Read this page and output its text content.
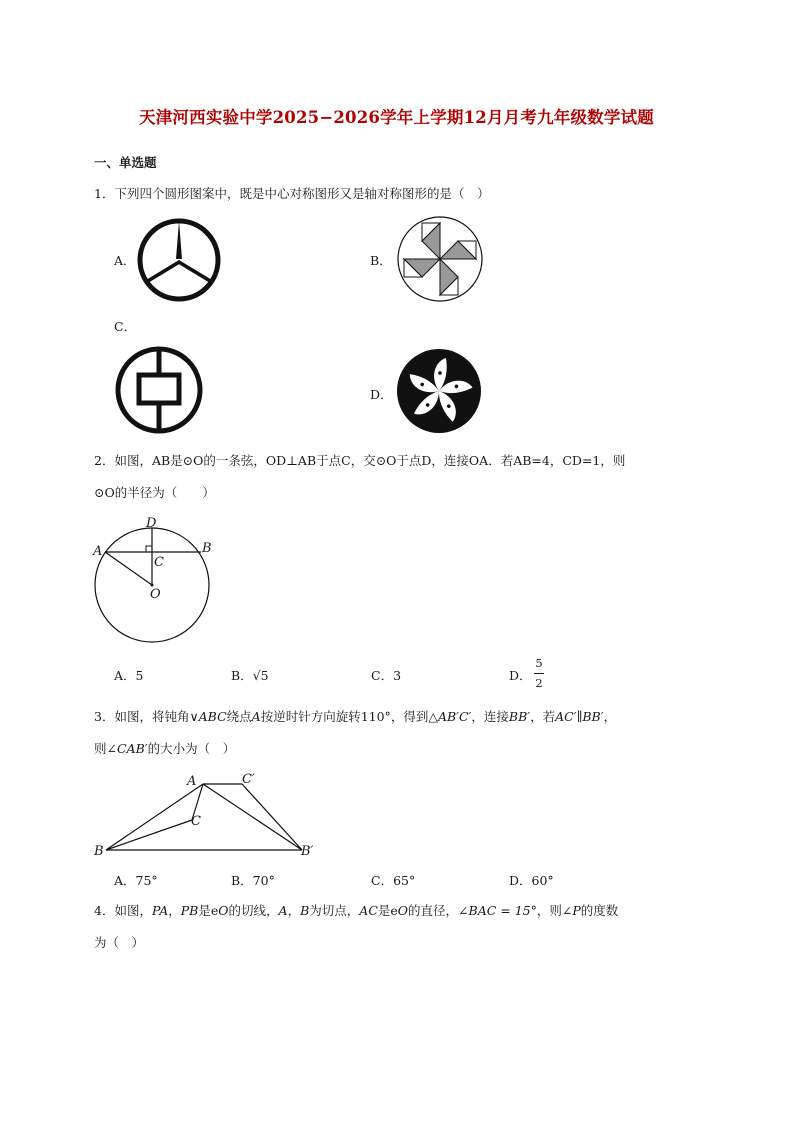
天津河西实验中学2025−2026学年上学期12月月考九年级数学试题
一、单选题
1．下列四个圆形图案中，既是中心对称图形又是轴对称图形的是（　）
A．	B．
C．
D．
2．如图，AB是⊙O的一条弦，OD⊥AB于点C，交⊙O于点D，连接OA．若AB=4，CD=1，则
⊙O的半径为（　　）
D
A	B
C
O
A．5	B．√5	C．3	D．
5
2
3．如图，将钝角∨ABC绕点A按逆时针方向旋转110°，得到△AB′C′，连接BB′，若AC′∥BB′，
则∠CAB′的大小为（　）
A	C′
C
B	B′
A．75°	B．70°	C．65°	D．60°
4．如图，PA，PB是eO的切线，A，B为切点，AC是eO的直径，∠BAC = 15°，则∠P的度数
为（　）
